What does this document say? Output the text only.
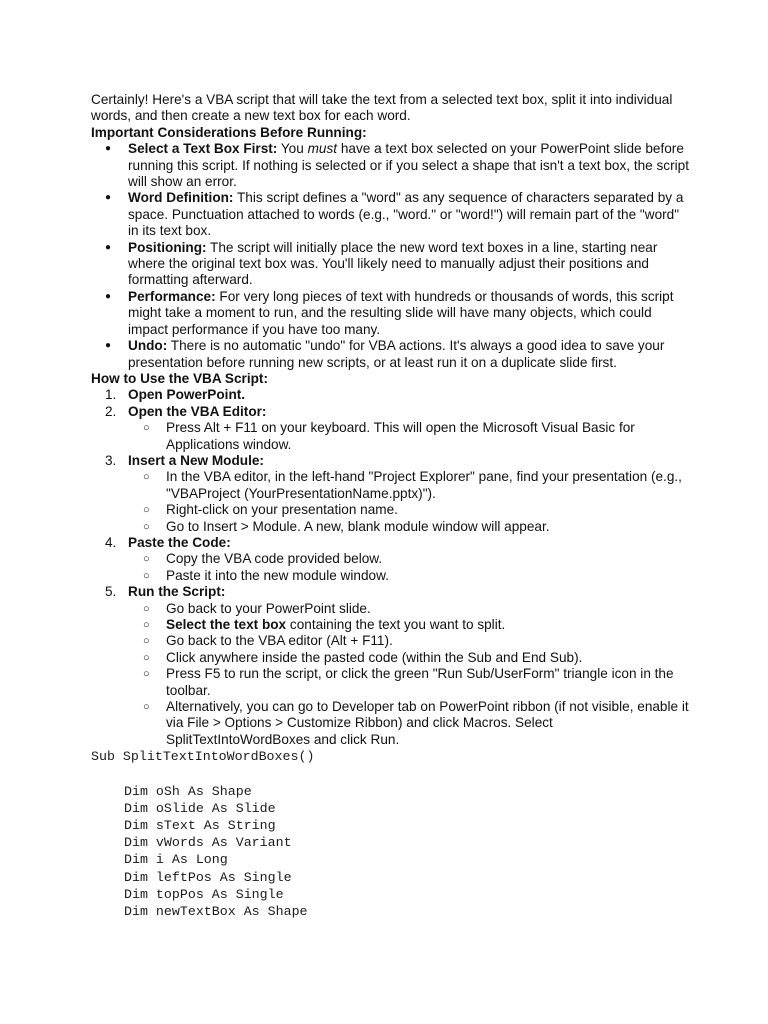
Certainly! Here's a VBA script that will take the text from a selected text box, split it into individual words, and then create a new text box for each word.

Important Considerations Before Running:

● Select a Text Box First: You must have a text box selected on your PowerPoint slide before running this script. If nothing is selected or if you select a shape that isn't a text box, the script will show an error.
● Word Definition: This script defines a "word" as any sequence of characters separated by a space. Punctuation attached to words (e.g., "word." or "word!") will remain part of the "word" in its text box.
● Positioning: The script will initially place the new word text boxes in a line, starting near where the original text box was. You'll likely need to manually adjust their positions and formatting afterward.
● Performance: For very long pieces of text with hundreds or thousands of words, this script might take a moment to run, and the resulting slide will have many objects, which could impact performance if you have too many.
● Undo: There is no automatic "undo" for VBA actions. It's always a good idea to save your presentation before running new scripts, or at least run it on a duplicate slide first.

How to Use the VBA Script:

1. Open PowerPoint.
2. Open the VBA Editor:
○ Press Alt + F11 on your keyboard. This will open the Microsoft Visual Basic for Applications window.
3. Insert a New Module:
○ In the VBA editor, in the left-hand "Project Explorer" pane, find your presentation (e.g., "VBAProject (YourPresentationName.pptx)").
○ Right-click on your presentation name.
○ Go to Insert > Module. A new, blank module window will appear.
4. Paste the Code:
○ Copy the VBA code provided below.
○ Paste it into the new module window.
5. Run the Script:
○ Go back to your PowerPoint slide.
○ Select the text box containing the text you want to split.
○ Go back to the VBA editor (Alt + F11).
○ Click anywhere inside the pasted code (within the Sub and End Sub).
○ Press F5 to run the script, or click the green "Run Sub/UserForm" triangle icon in the toolbar.
○ Alternatively, you can go to Developer tab on PowerPoint ribbon (if not visible, enable it via File > Options > Customize Ribbon) and click Macros. Select SplitTextIntoWordBoxes and click Run.
Sub SplitTextIntoWordBoxes()
Dim oSh As Shape
Dim oSlide As Slide
Dim sText As String
Dim vWords As Variant
Dim i As Long
Dim leftPos As Single
Dim topPos As Single
Dim newTextBox As Shape
